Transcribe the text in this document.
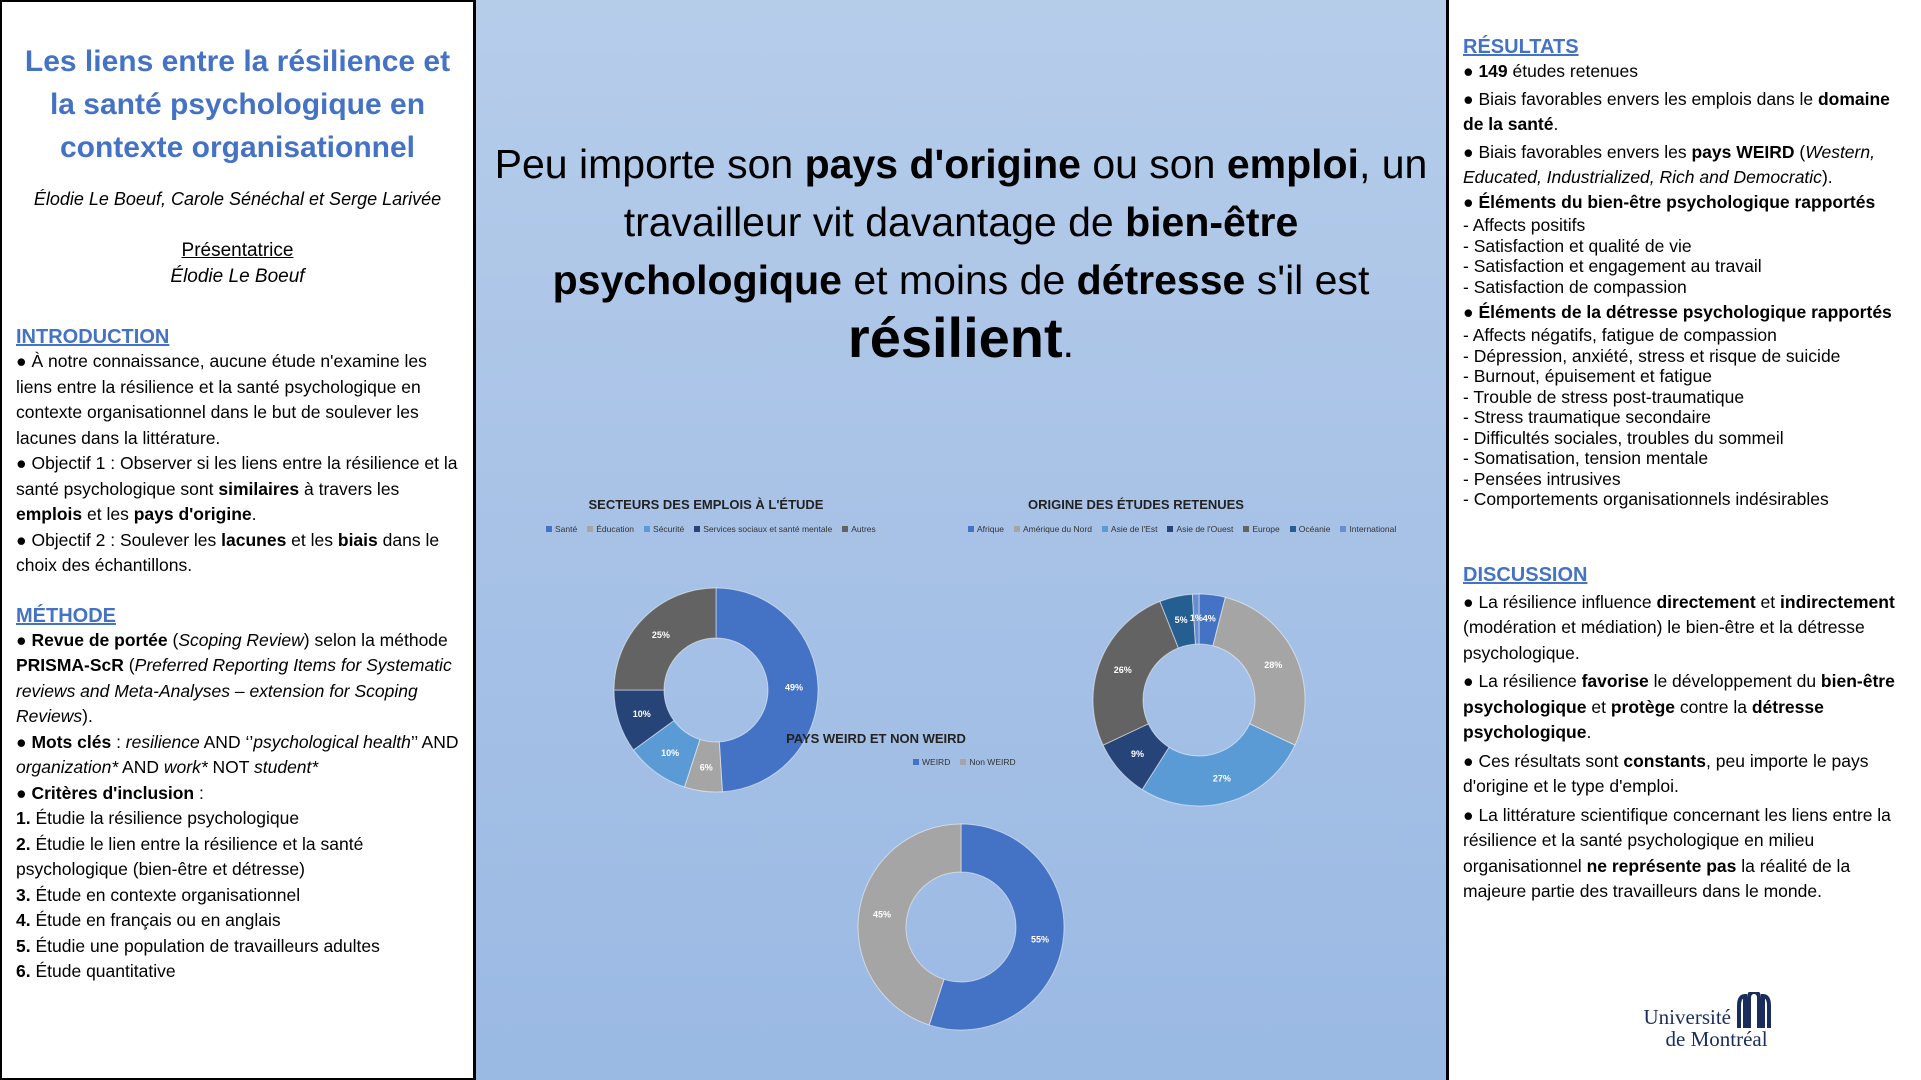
Les liens entre la résilience et la santé psychologique en contexte organisationnel
Élodie Le Boeuf, Carole Sénéchal et Serge Larivée
Présentatrice
Élodie Le Boeuf
INTRODUCTION

● À notre connaissance, aucune étude n'examine les liens entre la résilience et la santé psychologique en contexte organisationnel dans le but de soulever les lacunes dans la littérature.

● Objectif 1 : Observer si les liens entre la résilience et la santé psychologique sont similaires à travers les emplois et les pays d'origine.

● Objectif 2 : Soulever les lacunes et les biais dans le choix des échantillons.

MÉTHODE

● Revue de portée (Scoping Review) selon la méthode PRISMA-ScR (Preferred Reporting Items for Systematic reviews and Meta-Analyses – extension for Scoping Reviews).

● Mots clés : resilience AND ‘’psychological health’’ AND organization* AND work* NOT student*

● Critères d'inclusion :

1. Étudie la résilience psychologique

2. Étudie le lien entre la résilience et la santé psychologique (bien-être et détresse)

3. Étude en contexte organisationnel

4. Étude en français ou en anglais

5. Étudie une population de travailleurs adultes

6. Étude quantitative

Peu importe son pays d'origine ou son emploi, un travailleur vit davantage de bien-être psychologique et moins de détresse s'il est
résilient.
SECTEURS DES EMPLOIS À L'ÉTUDE
Santé Éducation Sécurité Services sociaux et santé mentale Autres
49%
6%
10%
10%
25%
ORIGINE DES ÉTUDES RETENUES
Afrique Amérique du Nord Asie de l'Est Asie de l'Ouest Europe Océanie International
4%
28%
27%
9%
26%
5% 1%
PAYS WEIRD ET NON WEIRD
WEIRD Non WEIRD
55%
45%
RÉSULTATS

● 149 études retenues

● Biais favorables envers les emplois dans le domaine de la santé.

● Biais favorables envers les pays WEIRD (Western, Educated, Industrialized, Rich and Democratic).

● Éléments du bien-être psychologique rapportés

- Affects positifs

- Satisfaction et qualité de vie

- Satisfaction et engagement au travail

- Satisfaction de compassion

● Éléments de la détresse psychologique rapportés

- Affects négatifs, fatigue de compassion

- Dépression, anxiété, stress et risque de suicide

- Burnout, épuisement et fatigue

- Trouble de stress post-traumatique

- Stress traumatique secondaire

- Difficultés sociales, troubles du sommeil

- Somatisation, tension mentale

- Pensées intrusives

- Comportements organisationnels indésirables

DISCUSSION

● La résilience influence directement et indirectement (modération et médiation) le bien-être et la détresse psychologique.

● La résilience favorise le développement du bien-être psychologique et protège contre la détresse psychologique.

● Ces résultats sont constants, peu importe le pays d'origine et le type d'emploi.

● La littérature scientifique concernant les liens entre la résilience et la santé psychologique en milieu organisationnel ne représente pas la réalité de la majeure partie des travailleurs dans le monde.

Université
de Montréal
